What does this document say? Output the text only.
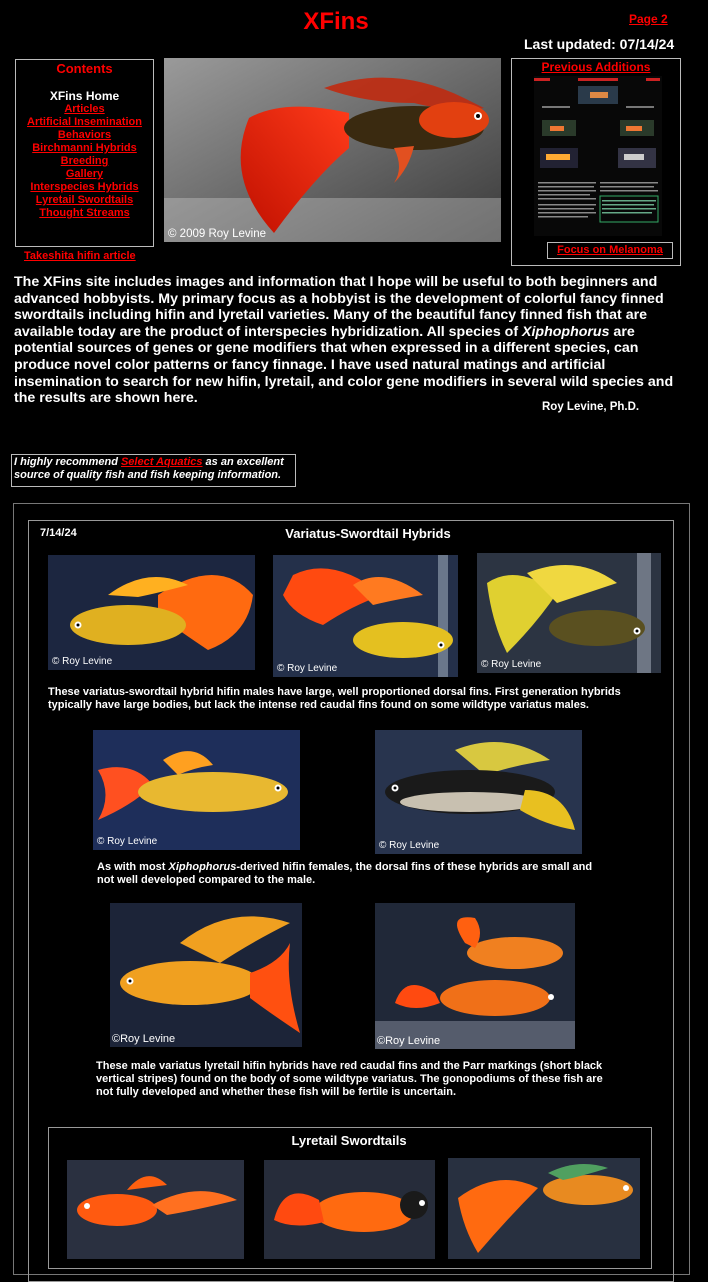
XFins	Page 2
Last updated: 07/14/24
Contents
XFins Home
Articles
Artificial Insemination
Behaviors
Birchmanni Hybrids
Breeding
Gallery
Interspecies Hybrids
Lyretail Swordtails
Thought Streams
Takeshita hifin article
© 2009 Roy Levine
Previous Additions
Focus on Melanoma
The XFins site includes images and information that I hope will be useful to both beginners and advanced hobbyists. My primary focus as a hobbyist is the development of colorful fancy finned swordtails including hifin and lyretail varieties. Many of the beautiful fancy finned fish that are available today are the product of interspecies hybridization. All species of Xiphophorus are potential sources of genes or gene modifiers that when expressed in a different species, can produce novel color patterns or fancy finnage. I have used natural matings and artificial insemination to search for new hifin, lyretail, and color gene modifiers in several wild species and the results are shown here.
Roy Levine, Ph.D.
I highly recommend Select Aquatics as an excellent
source of quality fish and fish keeping information.
7/14/24	Variatus-Swordtail Hybrids
© Roy Levine
© Roy Levine	© Roy Levine
These variatus-swordtail hybrid hifin males have large, well proportioned dorsal fins. First generation hybrids typically have large bodies, but lack the intense red caudal fins found on some wildtype variatus males.
© Roy Levine	© Roy Levine
As with most Xiphophorus-derived hifin females, the dorsal fins of these hybrids are small and not well developed compared to the male.
©Roy Levine	©Roy Levine
These male variatus lyretail hifin hybrids have red caudal fins and the Parr markings (short black vertical stripes) found on the body of some wildtype variatus. The gonopodiums of these fish are not fully developed and whether these fish will be fertile is uncertain.
Lyretail Swordtails
